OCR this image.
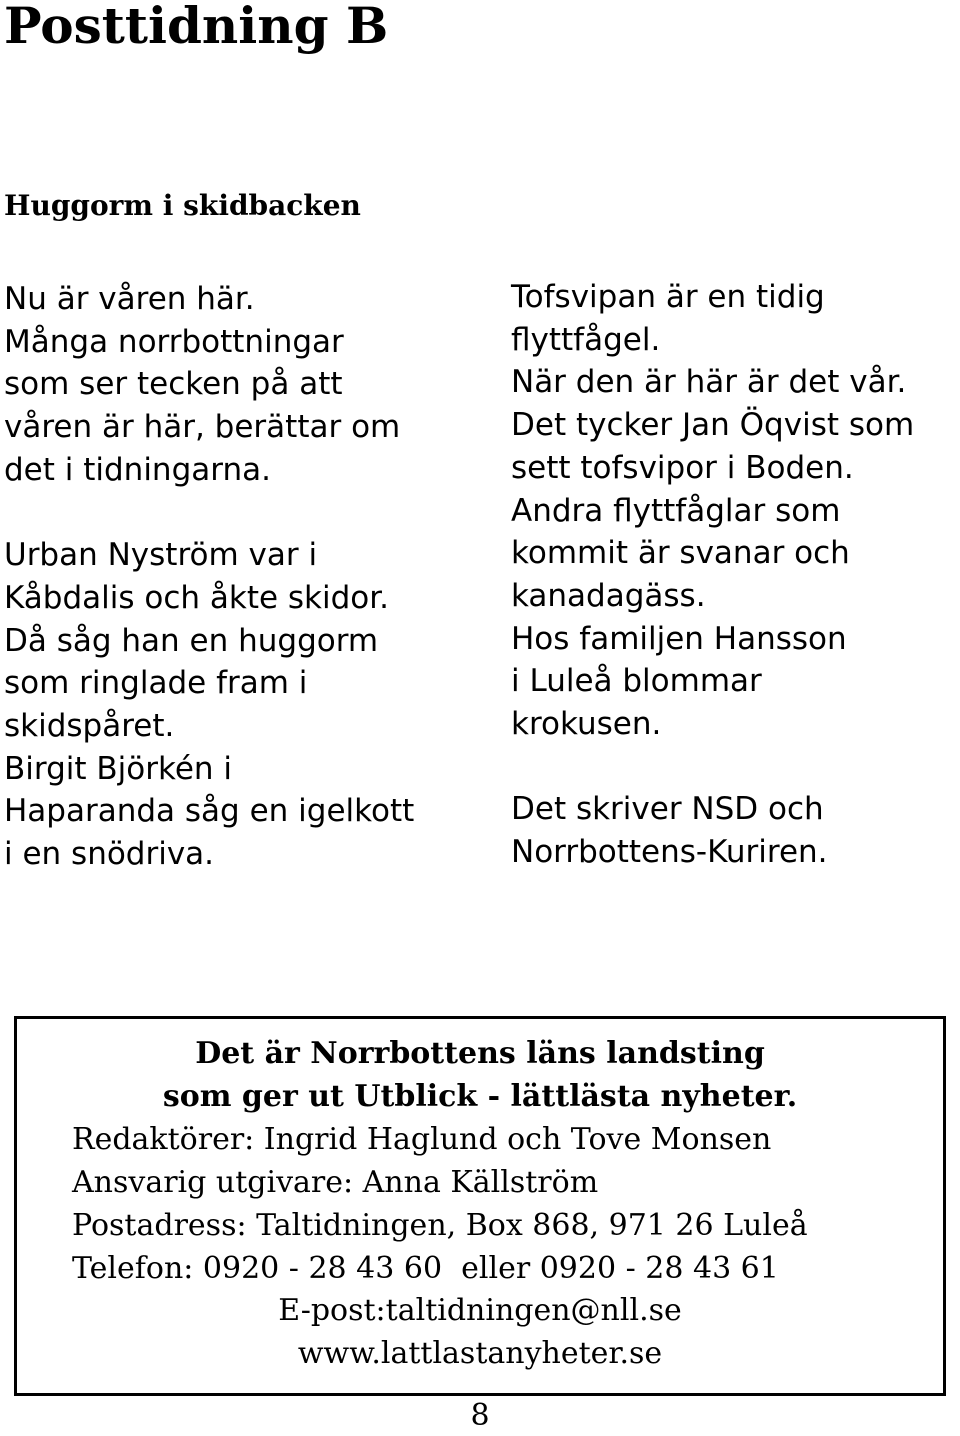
Posttidning B
Huggorm i skidbacken

Nu är våren här.
Många norrbottningar
som ser tecken på att
våren är här, berättar om
det i tidningarna.

Urban Nyström var i
Kåbdalis och åkte skidor.
Då såg han en huggorm
som ringlade fram i
skidspåret.
Birgit Björkén i
Haparanda såg en igelkott
i en snödriva.

Tofsvipan är en tidig
flyttfågel.
När den är här är det vår.
Det tycker Jan Öqvist som
sett tofsvipor i Boden.
Andra flyttfåglar som
kommit är svanar och
kanadagäss.
Hos familjen Hansson
i Luleå blommar
krokusen.

Det skriver NSD och
Norrbottens-Kuriren.

Det är Norrbottens läns landsting
som ger ut Utblick - lättlästa nyheter.
Redaktörer: Ingrid Haglund och Tove Monsen
Ansvarig utgivare: Anna Källström
Postadress: Taltidningen, Box 868, 971 26 Luleå
Telefon: 0920 - 28 43 60  eller 0920 - 28 43 61
E-post:taltidningen@nll.se
www.lattlastanyheter.se
8
